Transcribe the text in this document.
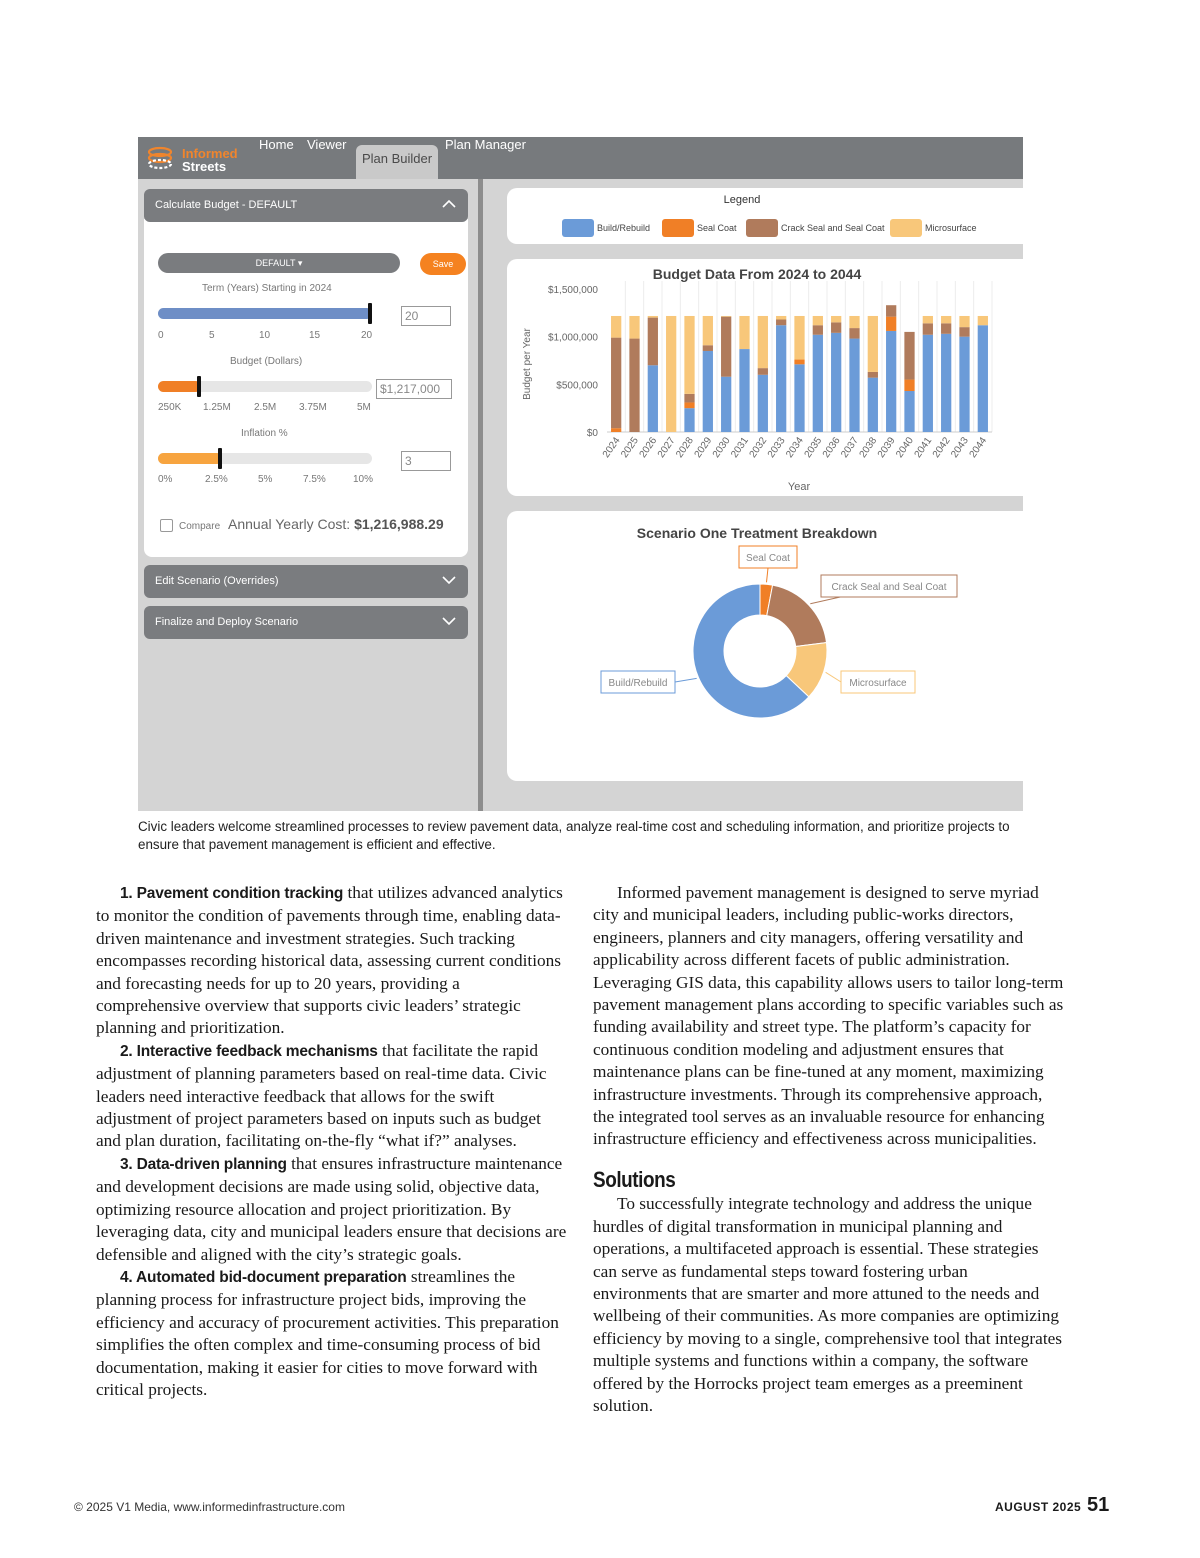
Informed
Streets
Home	Viewer
Plan Builder
Plan Manager
DEFAULT ▾	Save
Term (Years) Starting in 2024
20
0	5	10	15	20
Budget (Dollars)
$1,217,000
250K 1.25M 2.5M 3.75M	5M
Inflation %
3
0%	2.5%	5%	7.5%	10%
Compare Annual Yearly Cost: $1,216,988.29
Calculate Budget - DEFAULT
Edit Scenario (Overrides)
Finalize and Deploy Scenario
Legend
Build/Rebuild	Seal Coat	Crack Seal and Seal Coat	Microsurface
Budget Data From 2024 to 2044
Budget per Year
Year
$0
$500,000
$1,000,000
$1,500,000
2024
2025
2026
2027
2028
2029
2030
2031
2032
2033
2034
2035
2036
2037
2038
2039
2040
2041
2042
2043
2044
Scenario One Treatment Breakdown
Seal Coat
Crack Seal and Seal Coat
Microsurface
Build/Rebuild
Civic leaders welcome streamlined processes to review pavement data, analyze real-time cost and scheduling information, and prioritize projects to ensure that pavement management is efficient and effective.

1. Pavement condition tracking that utilizes advanced analytics to monitor the condition of pavements through time, enabling data-driven maintenance and investment strategies. Such tracking encompasses recording historical data, assessing current conditions and forecasting needs for up to 20 years, providing a comprehensive overview that supports civic leaders’ strategic planning and prioritization.

2. Interactive feedback mechanisms that facilitate the rapid adjustment of planning parameters based on real-time data. Civic leaders need interactive feedback that allows for the swift adjustment of project parameters based on inputs such as budget and plan duration, facilitating on-the-fly “what if?” analyses.

3. Data-driven planning that ensures infrastructure maintenance and development decisions are made using solid, objective data, optimizing resource allocation and project prioritization. By leveraging data, city and municipal leaders ensure that decisions are defensible and aligned with the city’s strategic goals.

4. Automated bid-document preparation streamlines the planning process for infrastructure project bids, improving the efficiency and accuracy of procurement activities. This preparation simplifies the often complex and time-consuming process of bid documentation, making it easier for cities to move forward with critical projects.

Informed pavement management is designed to serve myriad city and municipal leaders, including public-works directors, engineers, planners and city managers, offering versatility and applicability across different facets of public administration. Leveraging GIS data, this capability allows users to tailor long-term pavement management plans according to specific variables such as funding availability and street type. The platform’s capacity for continuous condition modeling and adjustment ensures that maintenance plans can be fine-tuned at any moment, maximizing infrastructure investments. Through its comprehensive approach, the integrated tool serves as an invaluable resource for enhancing infrastructure efficiency and effectiveness across municipalities.

Solutions

To successfully integrate technology and address the unique hurdles of digital transformation in municipal planning and operations, a multifaceted approach is essential. These strategies can serve as fundamental steps toward fostering urban environments that are smarter and more attuned to the needs and wellbeing of their communities. As more companies are optimizing efficiency by moving to a single, comprehensive tool that integrates multiple systems and functions within a company, the software offered by the Horrocks project team emerges as a preeminent solution.

© 2025 V1 Media, www.informedinfrastructure.com	AUGUST 2025 51
